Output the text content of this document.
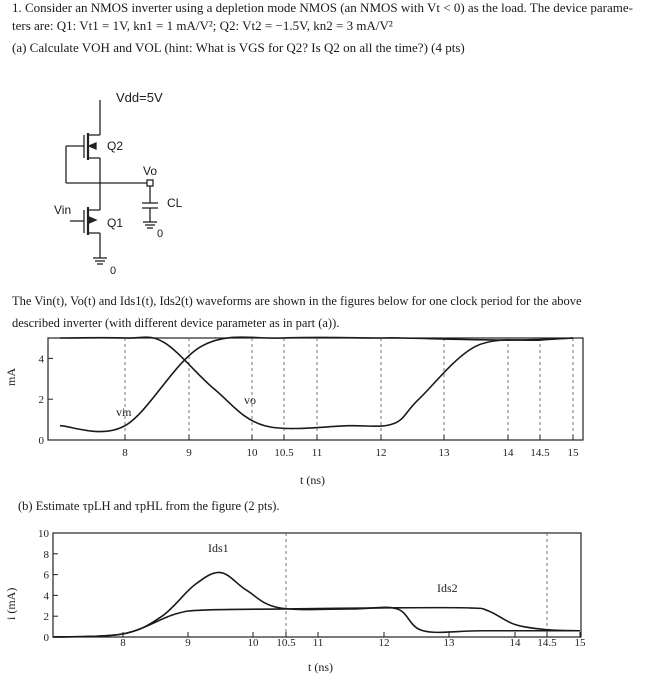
1. Consider an NMOS inverter using a depletion mode NMOS (an NMOS with Vt < 0) as the load. The device parame-
ters are: Q1: Vt1 = 1V, kn1 = 1 mA/V²; Q2: Vt2 = −1.5V, kn2 = 3 mA/V²
(a) Calculate VOH and VOL (hint: What is VGS for Q2? Is Q2 on all the time?) (4 pts)
Vdd=5V
Q2
Q1
Vo
CL
Vin
0
0
The Vin(t), Vo(t) and Ids1(t), Ids2(t) waveforms are shown in the figures below for one clock period for the above
described inverter (with different device parameter as in part (a)).
0
2
4
8	9	10 10.5 11	12	13	14 14.5 15
vin
vo
mA
t (ns)
(b) Estimate τpLH and τpHL from the figure (2 pts).
0
2
4
6
8
10
8	9	10 10.5 11	12	13	14 14.5 15
Ids1
Ids2
i (mA)
t (ns)
